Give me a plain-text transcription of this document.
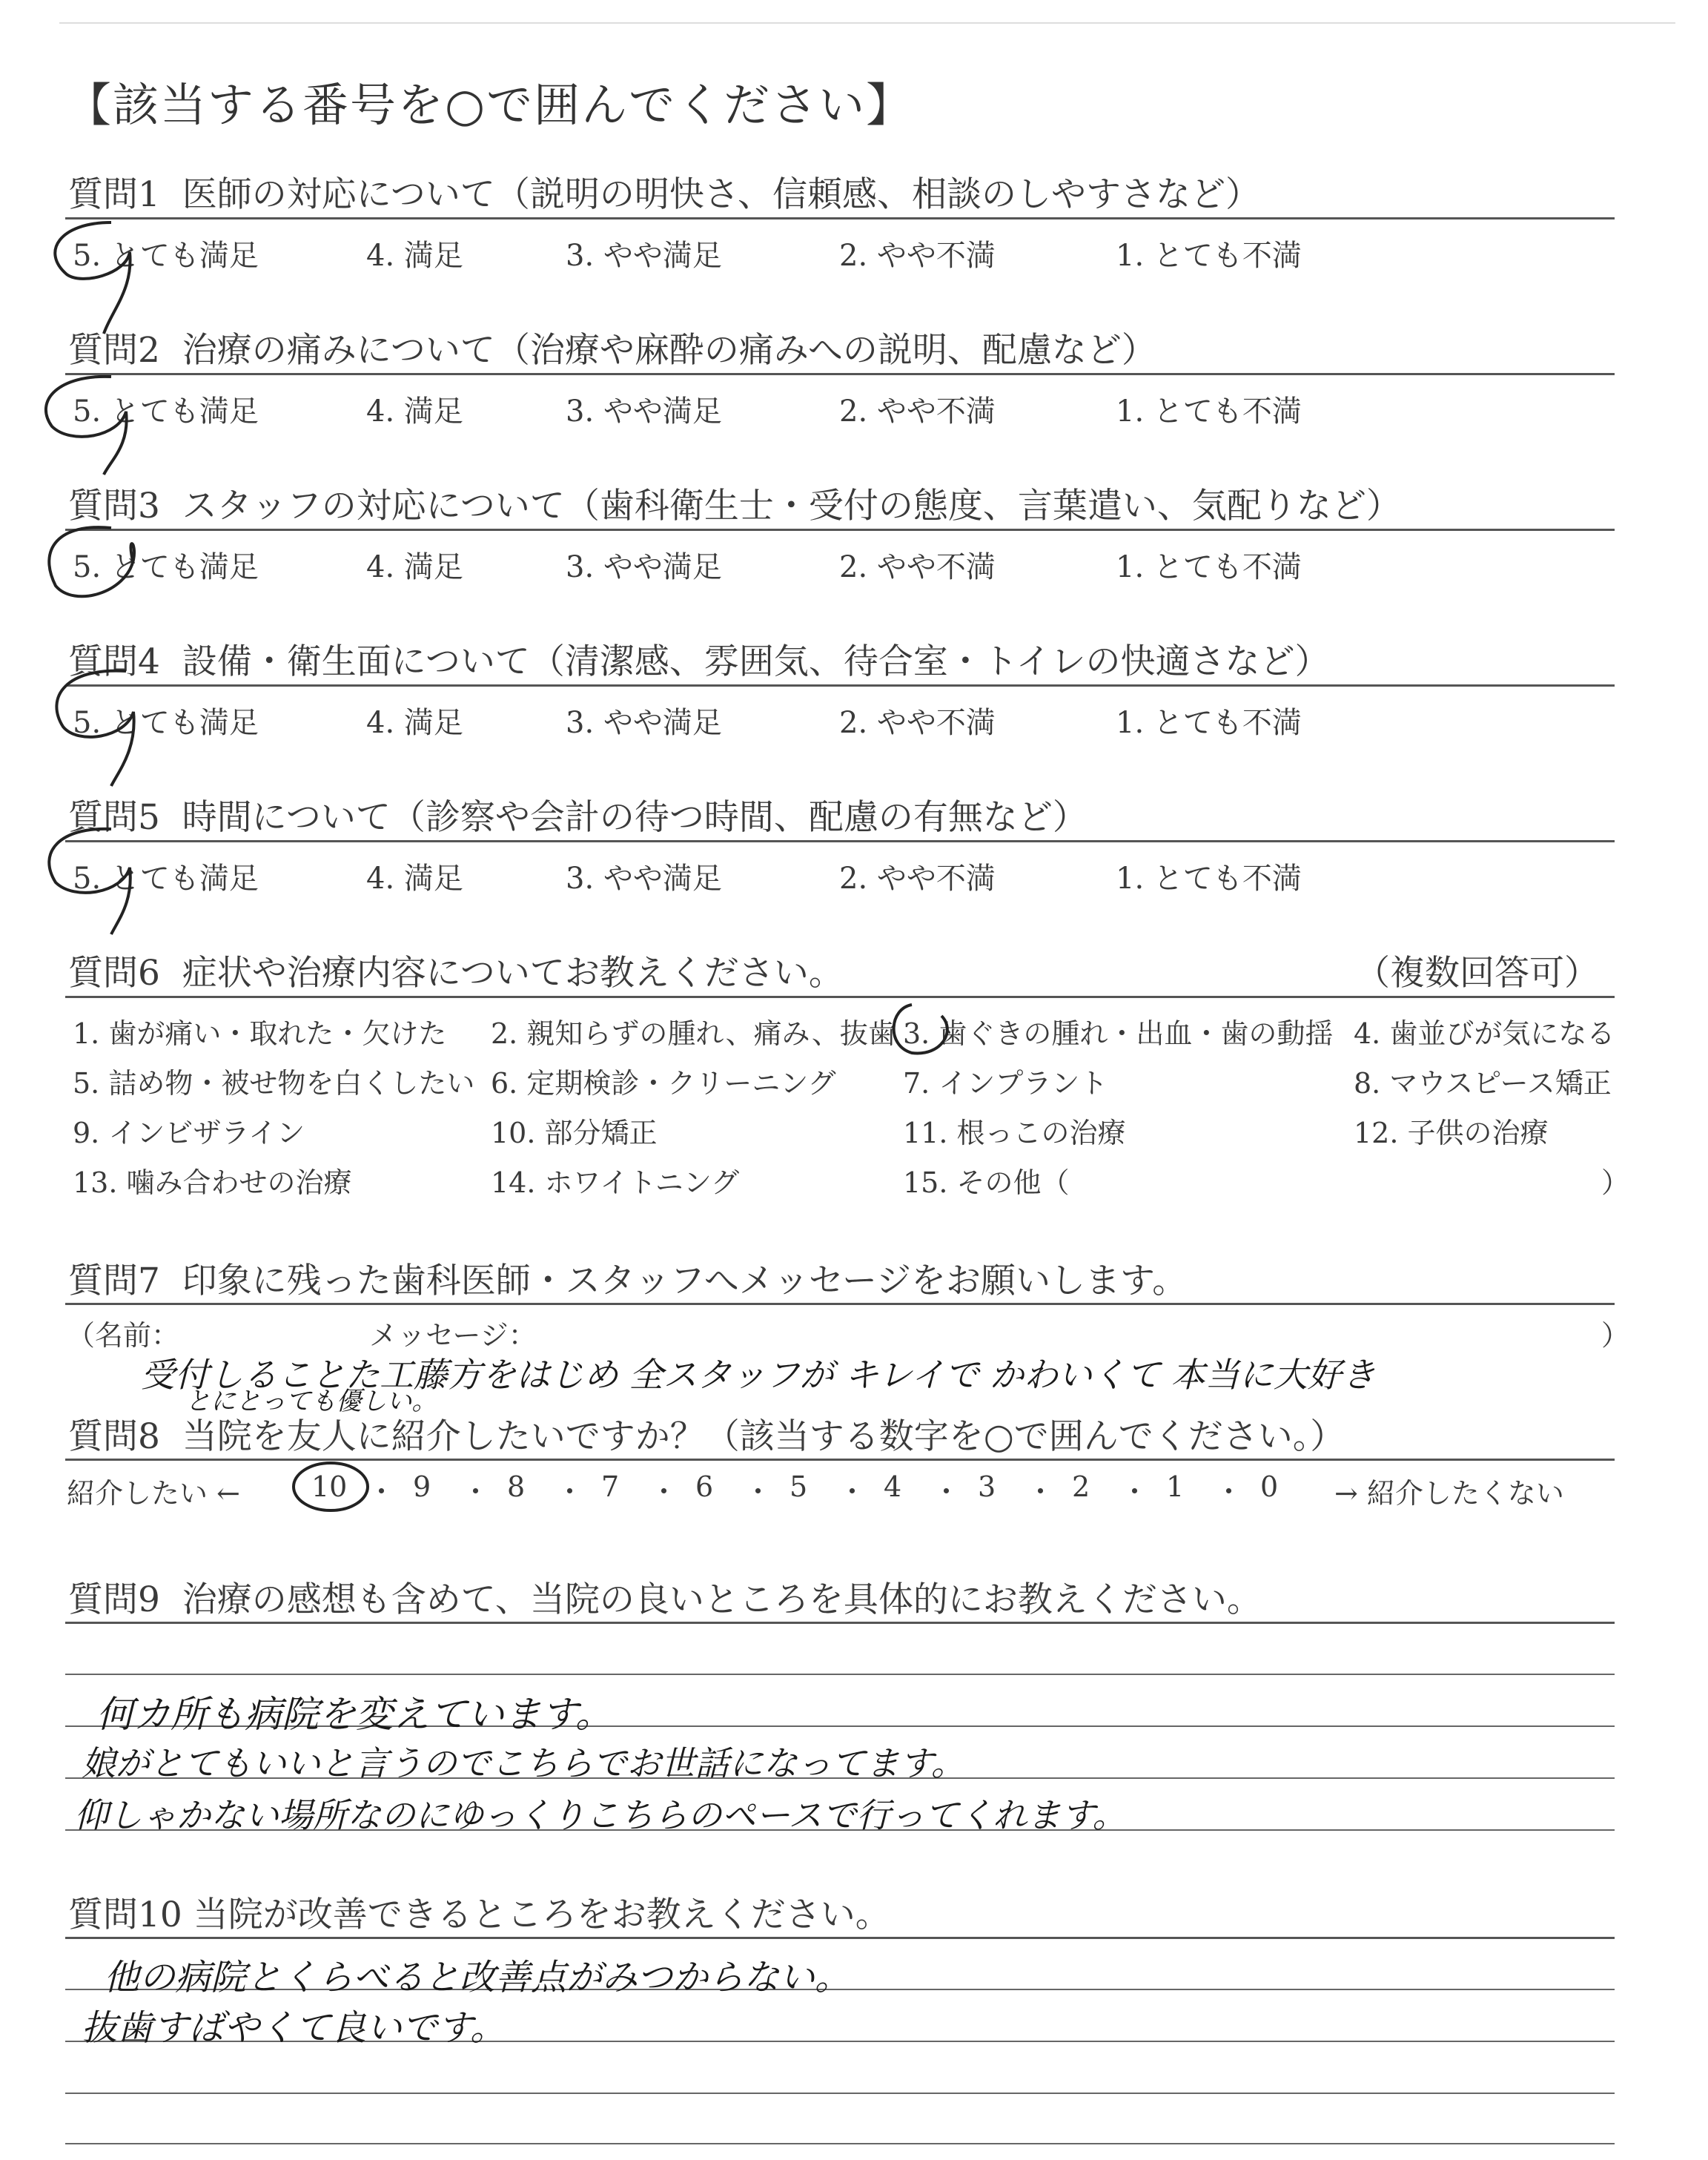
【該当する番号を○で囲んでください】
質問1 医師の対応について（説明の明快さ、信頼感、相談のしやすさなど）
5. とても満足	4. 満足	3. やや満足	2. やや不満	1. とても不満
質問2 治療の痛みについて（治療や麻酔の痛みへの説明、配慮など）
5. とても満足	4. 満足	3. やや満足	2. やや不満	1. とても不満
質問3 スタッフの対応について（歯科衛生士・受付の態度、言葉遣い、気配りなど）
5. とても満足	4. 満足	3. やや満足	2. やや不満	1. とても不満
質問4 設備・衛生面について（清潔感、雰囲気、待合室・トイレの快適さなど）
5. とても満足	4. 満足	3. やや満足	2. やや不満	1. とても不満
質問5 時間について（診察や会計の待つ時間、配慮の有無など）
5. とても満足	4. 満足	3. やや満足	2. やや不満	1. とても不満
質問6 症状や治療内容についてお教えください。	（複数回答可）
1. 歯が痛い・取れた・欠けた 2. 親知らずの腫れ、痛み、抜歯 3. 歯ぐきの腫れ・出血・歯の動揺 4. 歯並びが気になる
5. 詰め物・被せ物を白くしたい 6. 定期検診・クリーニング 7. インプラント	8. マウスピース矯正
9. インビザライン	10. 部分矯正	11. 根っこの治療	12. 子供の治療
13. 噛み合わせの治療	14. ホワイトニング	15. その他（	）
質問7 印象に残った歯科医師・スタッフへメッセージをお願いします。
（名前：	メッセージ：	）
受付しることた工藤方をはじめ 全スタッフが キレイで かわいくて 本当に大好き
とにとっても優しい。
質問8 当院を友人に紹介したいですか？（該当する数字を○で囲んでください。）
紹介したい ←	→ 紹介したくない
10 ・ 9 ・ 8 ・ 7 ・ 6 ・ 5 ・ 4 ・ 3 ・ 2 ・ 1 ・ 0
質問9 治療の感想も含めて、当院の良いところを具体的にお教えください。
何カ所も病院を変えています。
娘がとてもいいと言うのでこちらでお世話になってます。
仰しゃかない場所なのにゆっくりこちらのペースで行ってくれます。
質問10 当院が改善できるところをお教えください。
他の病院とくらべると改善点がみつからない。
抜歯すばやくて良いです。
